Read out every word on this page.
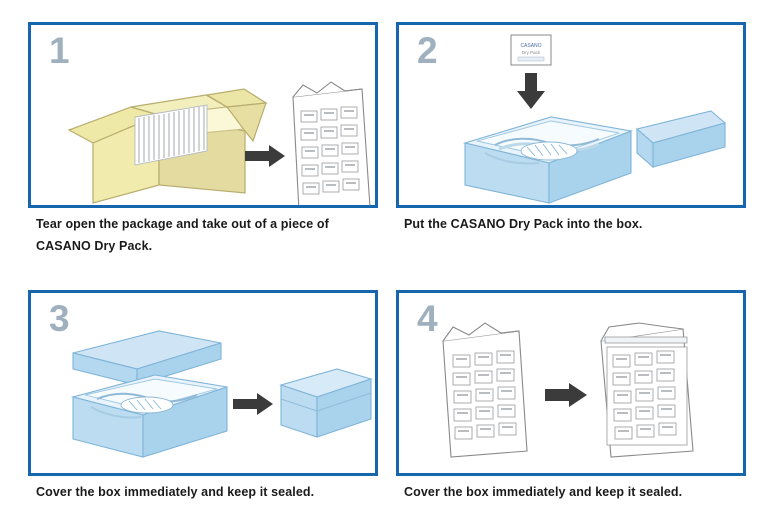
1
Tear open the package and take out of a piece of CASANO Dry Pack.
2	CASANO
Dry Pack
Put the CASANO Dry Pack into the box.
3
Cover the box immediately and keep it sealed.
4
Cover the box immediately and keep it sealed.
